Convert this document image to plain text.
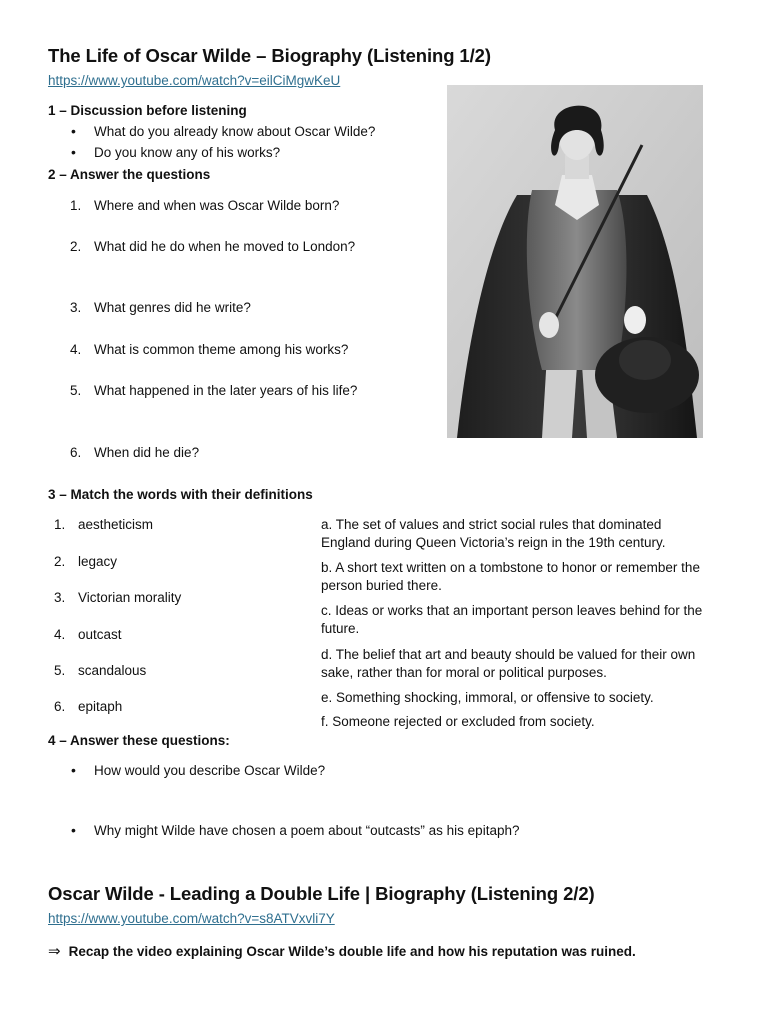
The Life of Oscar Wilde – Biography (Listening 1/2)
https://www.youtube.com/watch?v=eilCiMgwKeU
1 – Discussion before listening
• What do you already know about Oscar Wilde?
• Do you know any of his works?
2 – Answer the questions
1. Where and when was Oscar Wilde born?
2. What did he do when he moved to London?
3. What genres did he write?
4. What is common theme among his works?
5. What happened in the later years of his life?
6. When did he die?
3 – Match the words with their definitions
1. aestheticism
2. legacy
3. Victorian morality
4. outcast
5. scandalous
6. epitaph
a. The set of values and strict social rules that dominated England during Queen Victoria’s reign in the 19th century.
b. A short text written on a tombstone to honor or remember the person buried there.
c. Ideas or works that an important person leaves behind for the future.
d. The belief that art and beauty should be valued for their own sake, rather than for moral or political purposes.
e. Something shocking, immoral, or offensive to society.
f. Someone rejected or excluded from society.
4 – Answer these questions:
• How would you describe Oscar Wilde?
• Why might Wilde have chosen a poem about “outcasts” as his epitaph?
Oscar Wilde - Leading a Double Life | Biography (Listening 2/2)
https://www.youtube.com/watch?v=s8ATVxvli7Y
⇒ Recap the video explaining Oscar Wilde’s double life and how his reputation was ruined.
